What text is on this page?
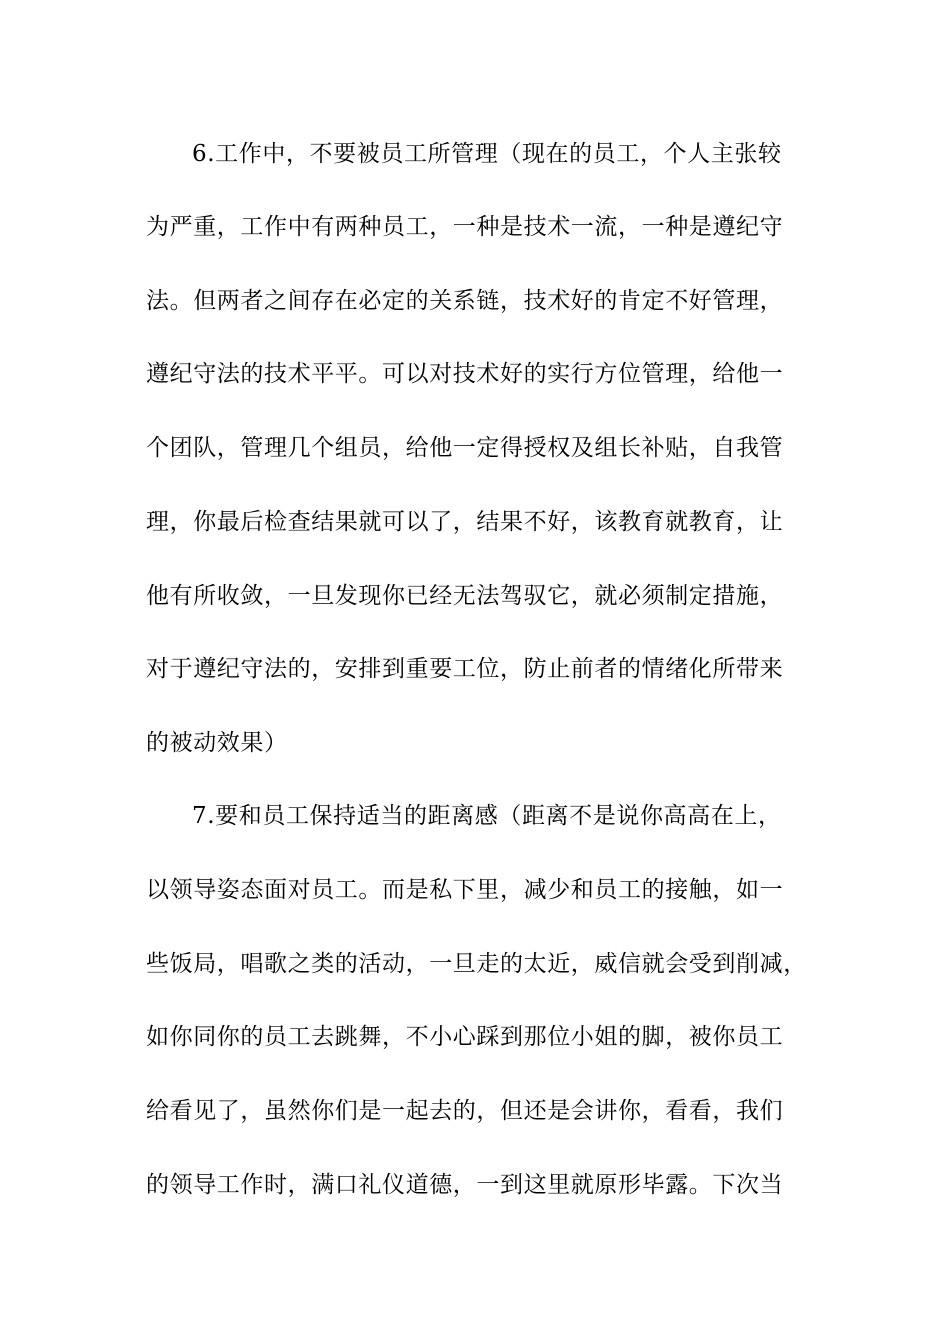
6.工作中，不要被员工所管理（现在的员工，个人主张较
为严重，工作中有两种员工，一种是技术一流，一种是遵纪守
法。但两者之间存在必定的关系链，技术好的肯定不好管理，
遵纪守法的技术平平。可以对技术好的实行方位管理，给他一
个团队，管理几个组员，给他一定得授权及组长补贴，自我管
理，你最后检查结果就可以了，结果不好，该教育就教育，让
他有所收敛，一旦发现你已经无法驾驭它，就必须制定措施，
对于遵纪守法的，安排到重要工位，防止前者的情绪化所带来
的被动效果）
7.要和员工保持适当的距离感（距离不是说你高高在上，
以领导姿态面对员工。而是私下里，减少和员工的接触，如一
些饭局，唱歌之类的活动，一旦走的太近，威信就会受到削减，
如你同你的员工去跳舞，不小心踩到那位小姐的脚，被你员工
给看见了，虽然你们是一起去的，但还是会讲你，看看，我们
的领导工作时，满口礼仪道德，一到这里就原形毕露。下次当
